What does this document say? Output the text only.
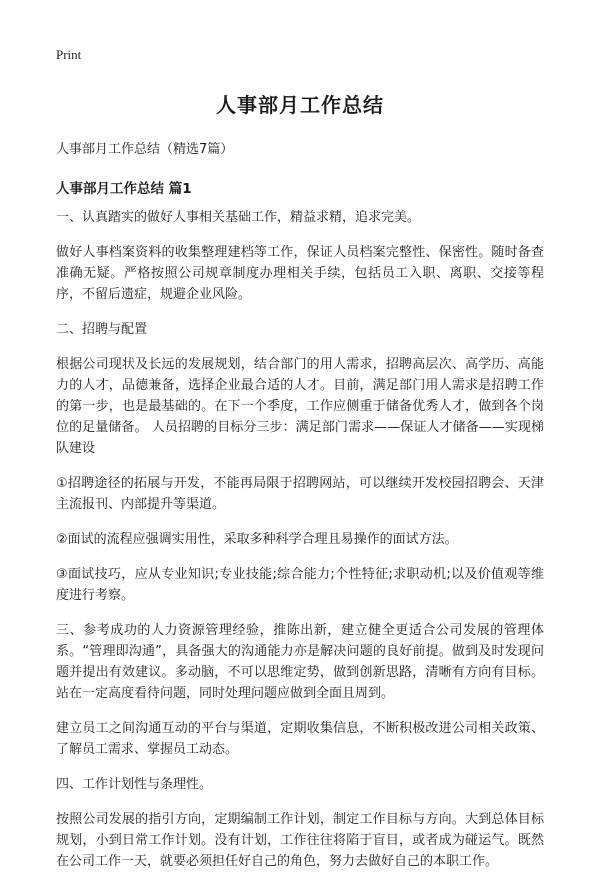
Print
人事部月工作总结

人事部月工作总结（精选7篇）

人事部月工作总结 篇1

一、认真踏实的做好人事相关基础工作，精益求精，追求完美。

做好人事档案资料的收集整理建档等工作，保证人员档案完整性、保密性。随时备查 准确无疑。严格按照公司规章制度办理相关手续，包括员工入职、离职、交接等程序，不留后遗症，规避企业风险。

二、招聘与配置

根据公司现状及长远的发展规划，结合部门的用人需求，招聘高层次、高学历、高能 力的人才，品德兼备，选择企业最合适的人才。目前，满足部门用人需求是招聘工作的第一步，也是最基础的。在下一个季度，工作应侧重于储备优秀人才，做到各个岗位的足量储备。 人员招聘的目标分三步：满足部门需求——保证人才储备——实现梯队建设

①招聘途径的拓展与开发，不能再局限于招聘网站，可以继续开发校园招聘会、天津主流报刊、内部提升等渠道。

②面试的流程应强调实用性，采取多种科学合理且易操作的面试方法。

③面试技巧，应从专业知识;专业技能;综合能力;个性特征;求职动机;以及价值观等维度进行考察。

三、参考成功的人力资源管理经验，推陈出新，建立健全更适合公司发展的管理体系。“管理即沟通”，具备强大的沟通能力亦是解决问题的良好前提。做到及时发现问题并提出有效建议。多动脑，不可以思维定势，做到创新思路，清晰有方向有目标。站在一定高度看待问题，同时处理问题应做到全面且周到。

建立员工之间沟通互动的平台与渠道，定期收集信息，不断积极改进公司相关政策、了解员工需求、掌握员工动态。

四、工作计划性与条理性。

按照公司发展的指引方向，定期编制工作计划，制定工作目标与方向。大到总体目标 规划，小到日常工作计划。没有计划，工作往往将陷于盲目，或者成为碰运气。既然在公司工作一天，就要必须担任好自己的角色，努力去做好自己的本职工作。
